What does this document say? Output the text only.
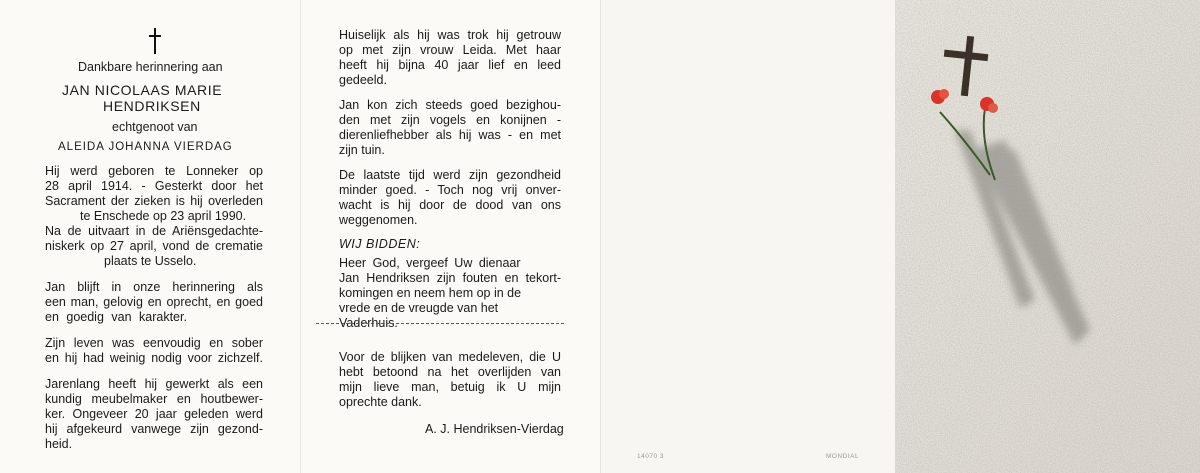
Dankbare herinnering aan
JAN NICOLAAS MARIE
HENDRIKSEN
echtgenoot van
ALEIDA JOHANNA VIERDAG
Hij werd geboren te Lonneker op
28 april 1914. - Gesterkt door het
Sacrament der zieken is hij overleden
te Enschede op 23 april 1990.
Na de uitvaart in de Ariënsgedachte-
niskerk op 27 april, vond de crematie
plaats te Usselo.
Jan blijft in onze herinnering als
een man, gelovig en oprecht, en goed
en goedig van karakter.
Zijn leven was eenvoudig en sober
en hij had weinig nodig voor zichzelf.
Jarenlang heeft hij gewerkt als een
kundig meubelmaker en houtbewer-
ker. Ongeveer 20 jaar geleden werd
hij afgekeurd vanwege zijn gezond-
heid.
Huiselijk als hij was trok hij getrouw
op met zijn vrouw Leida. Met haar
heeft hij bijna 40 jaar lief en leed
gedeeld.
Jan kon zich steeds goed bezighou-
den met zijn vogels en konijnen -
dierenliefhebber als hij was - en met
zijn tuin.
De laatste tijd werd zijn gezondheid
minder goed. - Toch nog vrij onver-
wacht is hij door de dood van ons
weggenomen.
WIJ BIDDEN:
Heer God, vergeef Uw dienaar
Jan Hendriksen zijn fouten en tekort-
komingen en neem hem op in de
vrede en de vreugde van het
Vaderhuis.
Voor de blijken van medeleven, die U
hebt betoond na het overlijden van
mijn lieve man, betuig ik U mijn
oprechte dank.
A. J. Hendriksen-Vierdag
14070 3	MONDIAL
